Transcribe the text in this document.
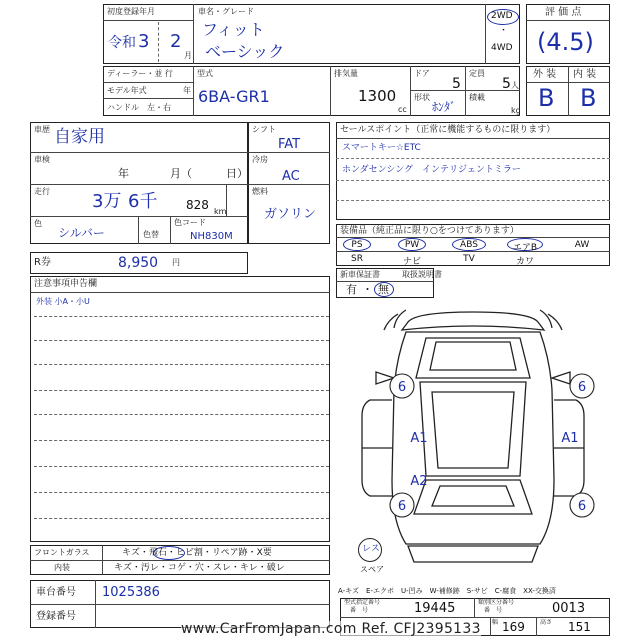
初度登録年月
令和 3 2
月
車名・グレード
フィット
ベーシック
2WD
・
4WD
評 価 点
(4.5)
ディーラー・並 行
モデル年式	年
ハンドル　左・右
型式
6BA-GR1
排気量
1300
cc
ドア
5
定員
5 人
形状
ﾎﾝﾀﾞ
積載
kg
外 装 内 装
B B
車歴 自家用
車検
年	月（	日）
走行 3万 6千 828 km
色
シルバー	色替
色コード
NH830M
シフト
FAT
冷房
AC
燃料
ガソリン
R券	8,950 円
セールスポイント（正常に機能するものに限ります）
スマートキー☆ETC
ホンダセンシング　インテリジェントミラー
装備品（純正品に限り○をつけてあります）
PS	PW	ABS	エアB	AW
SR	ナビ	TV	カワ
新車保証書	取扱説明書
有 ・ 無
注意事項申告欄
外装 小A・小U
フロントガラス	キズ・飛石・ヒビ割・リペア跡・X要
内装	キズ・汚レ・コゲ・穴・スレ・キレ・破レ
6	6
A1	A1
A2
6	6
レス
スペア
A-キズ　E-エクボ　U-凹み　W-補修跡　S-サビ　C-腐食　XX-交換済
車台番号 1025386
登録番号
型式指定番号
番　号	19445	類別区分番号
番　号	0013
幅 169	高さ 151
www.CarFromJapan.com Ref. CFJ2395133
